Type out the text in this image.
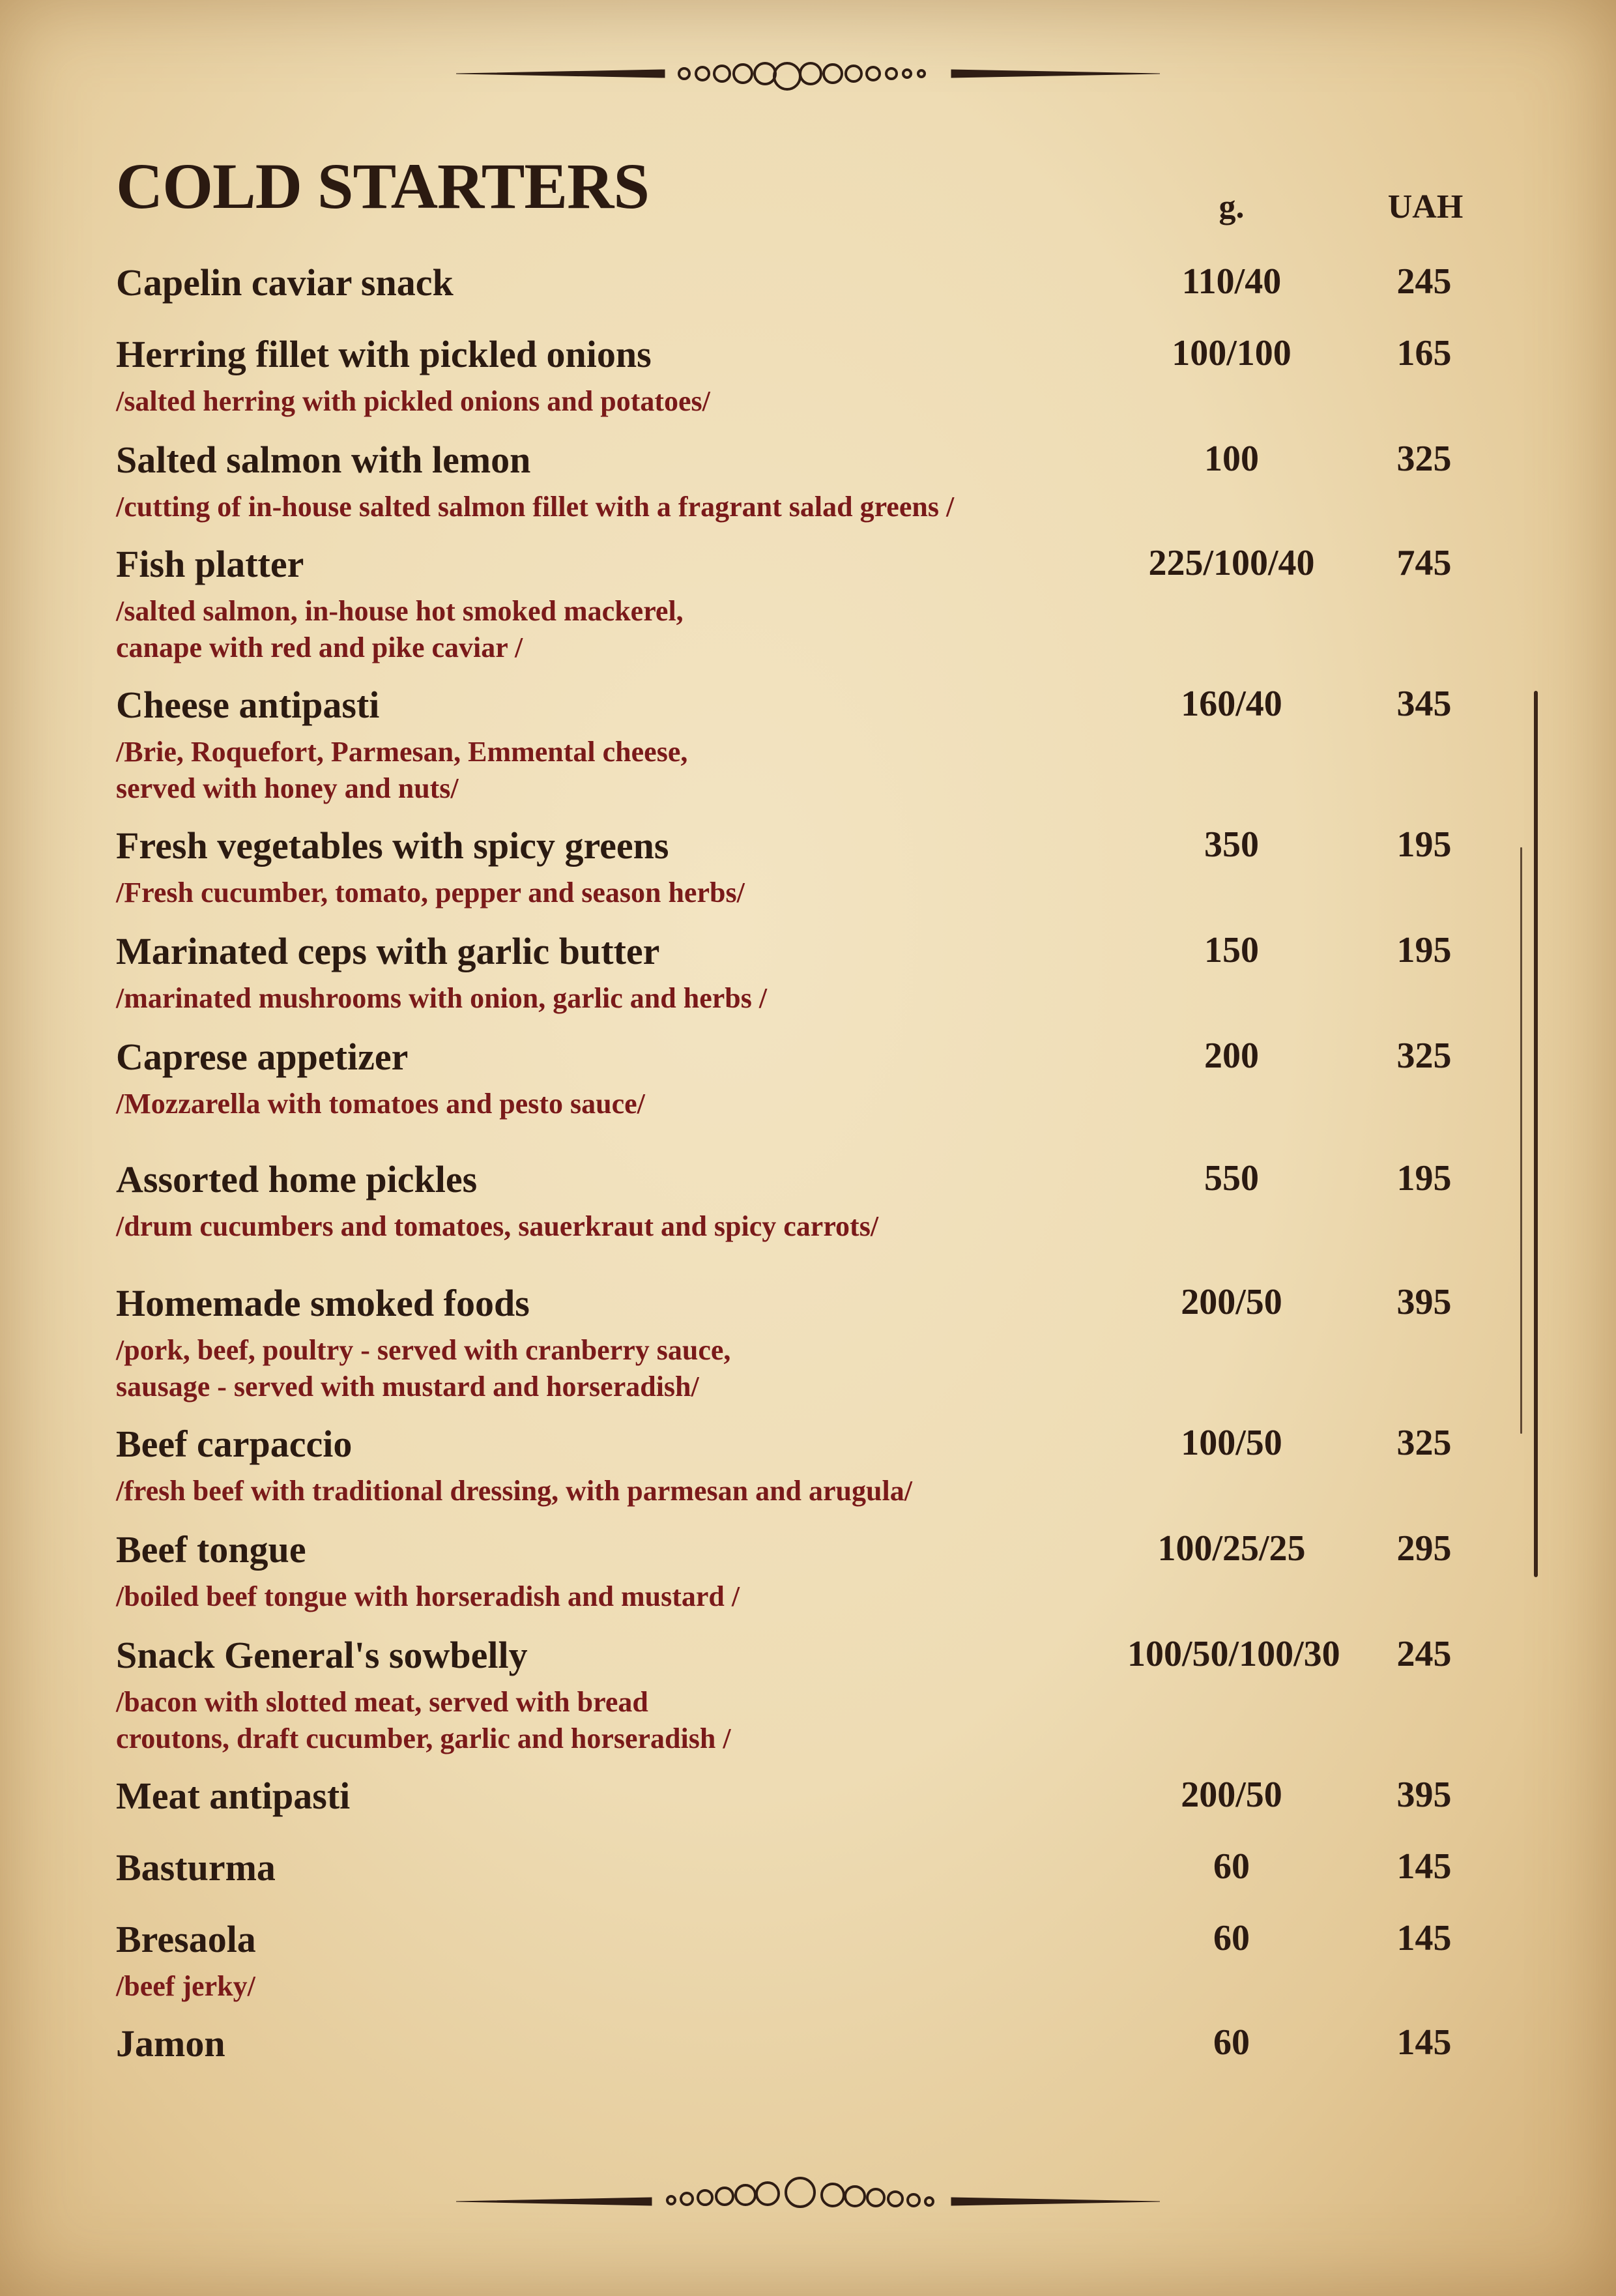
COLD STARTERS	g.	UAH
Capelin caviar snack	110/40	245
Herring fillet with pickled onions
/salted herring with pickled onions and potatoes/
100/100	165
Salted salmon with lemon
/cutting of in-house salted salmon fillet with a fragrant salad greens /
100	325
Fish platter
/salted salmon, in-house hot smoked mackerel,
canape with red and pike caviar /
225/100/40	745
Cheese antipasti
/Brie, Roquefort, Parmesan, Emmental cheese,
served with honey and nuts/
160/40	345
Fresh vegetables with spicy greens
/Fresh cucumber, tomato, pepper and season herbs/
350	195
Marinated ceps with garlic butter
/marinated mushrooms with onion, garlic and herbs /
150	195
Caprese appetizer
/Mozzarella with tomatoes and pesto sauce/
200	325
Assorted home pickles
/drum cucumbers and tomatoes, sauerkraut and spicy carrots/
550	195
Homemade smoked foods
/pork, beef, poultry - served with cranberry sauce,
sausage - served with mustard and horseradish/
200/50	395
Beef carpaccio
/fresh beef with traditional dressing, with parmesan and arugula/
100/50	325
Beef tongue
/boiled beef tongue with horseradish and mustard /
100/25/25	295
Snack General's sowbelly
/bacon with slotted meat, served with bread
croutons, draft cucumber, garlic and horseradish /
100/50/100/30	245
Meat antipasti	200/50	395
Basturma	60	145
Bresaola
/beef jerky/
60	145
Jamon	60	145
